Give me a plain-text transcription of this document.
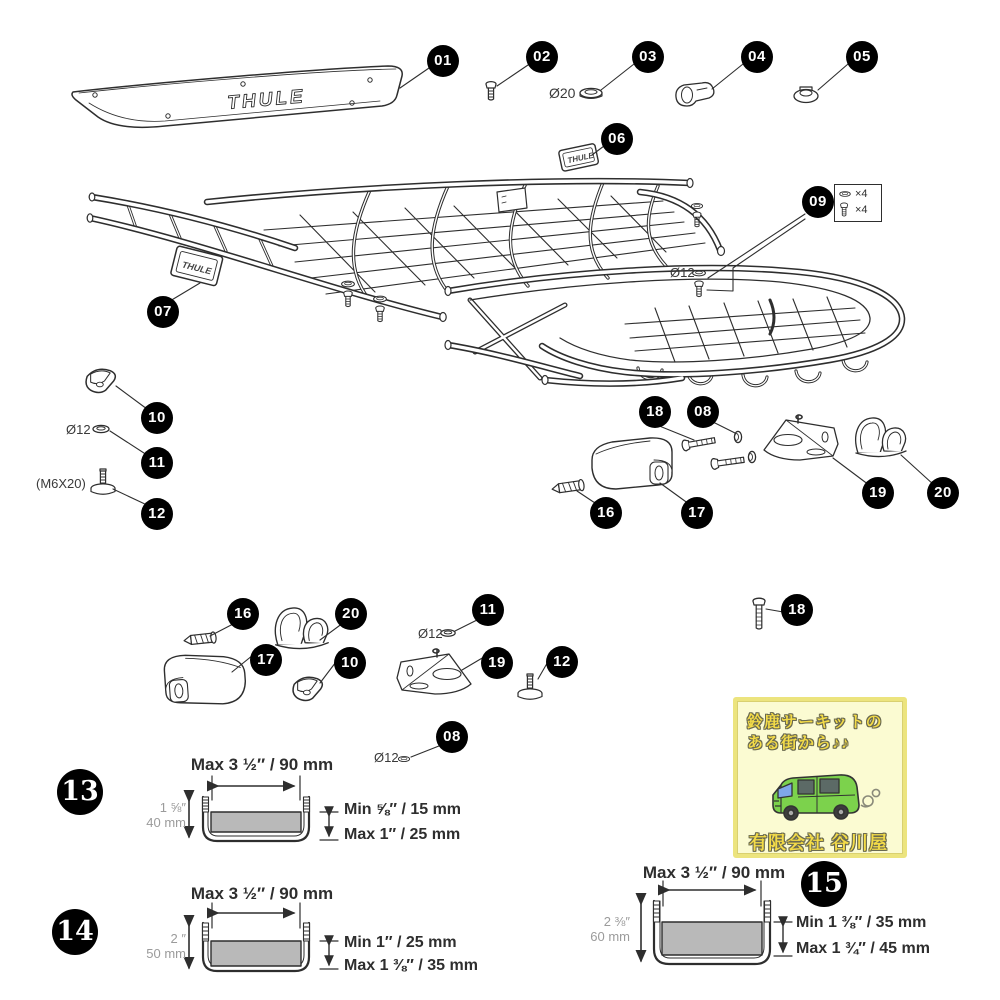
THULE
THULE
THULE
Ø20
Ø12
Ø12
(M6X20)
Ø12
Ø12
×4
×4
01	02	03	04	05
06
07
09
10
11
12
18	08
16	17
19	20
16	20	11	18
17	10	19	12
08
13
14
15
Max 3 ½″ / 90 mm
1 ⅝″
40 mm
Min ⅝″ / 15 mm
Max 1″ / 25 mm
Max 3 ½″ / 90 mm
2 ″
50 mm
Min 1″ / 25 mm
Max 1 ⅜″ / 35 mm
Max 3 ½″ / 90 mm
2 ⅜″
60 mm
Min 1 ⅜″ / 35 mm
Max 1 ¾″ / 45 mm
鈴鹿サーキットの
ある街から♪♪
有限会社 谷川屋
